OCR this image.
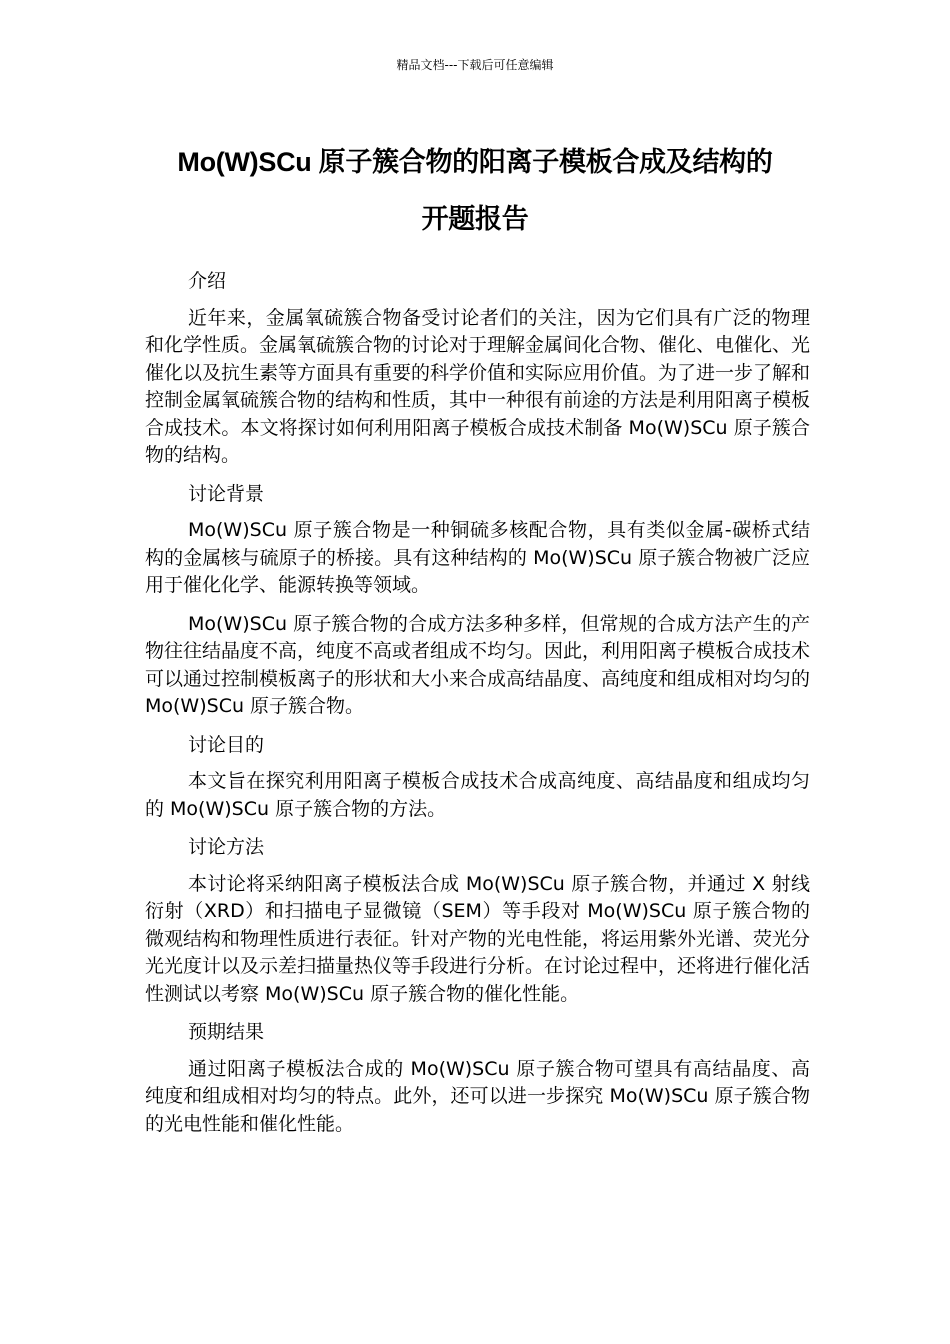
精品文档---下载后可任意编辑
Mo(W)SCu 原子簇合物的阳离子模板合成及结构的
开题报告

介绍

近年来，金属氧硫簇合物备受讨论者们的关注，因为它们具有广泛的物理和化学性质。金属氧硫簇合物的讨论对于理解金属间化合物、催化、电催化、光催化以及抗生素等方面具有重要的科学价值和实际应用价值。为了进一步了解和控制金属氧硫簇合物的结构和性质，其中一种很有前途的方法是利用阳离子模板合成技术。本文将探讨如何利用阳离子模板合成技术制备 Mo(W)SCu 原子簇合物的结构。

讨论背景

Mo(W)SCu 原子簇合物是一种铜硫多核配合物，具有类似金属-碳桥式结构的金属核与硫原子的桥接。具有这种结构的 Mo(W)SCu 原子簇合物被广泛应用于催化化学、能源转换等领域。

Mo(W)SCu 原子簇合物的合成方法多种多样，但常规的合成方法产生的产物往往结晶度不高，纯度不高或者组成不均匀。因此，利用阳离子模板合成技术可以通过控制模板离子的形状和大小来合成高结晶度、高纯度和组成相对均匀的 Mo(W)SCu 原子簇合物。

讨论目的

本文旨在探究利用阳离子模板合成技术合成高纯度、高结晶度和组成均匀的 Mo(W)SCu 原子簇合物的方法。

讨论方法

本讨论将采纳阳离子模板法合成 Mo(W)SCu 原子簇合物，并通过 X 射线衍射（XRD）和扫描电子显微镜（SEM）等手段对 Mo(W)SCu 原子簇合物的微观结构和物理性质进行表征。针对产物的光电性能，将运用紫外光谱、荧光分光光度计以及示差扫描量热仪等手段进行分析。在讨论过程中，还将进行催化活性测试以考察 Mo(W)SCu 原子簇合物的催化性能。

预期结果

通过阳离子模板法合成的 Mo(W)SCu 原子簇合物可望具有高结晶度、高纯度和组成相对均匀的特点。此外，还可以进一步探究 Mo(W)SCu 原子簇合物的光电性能和催化性能。
